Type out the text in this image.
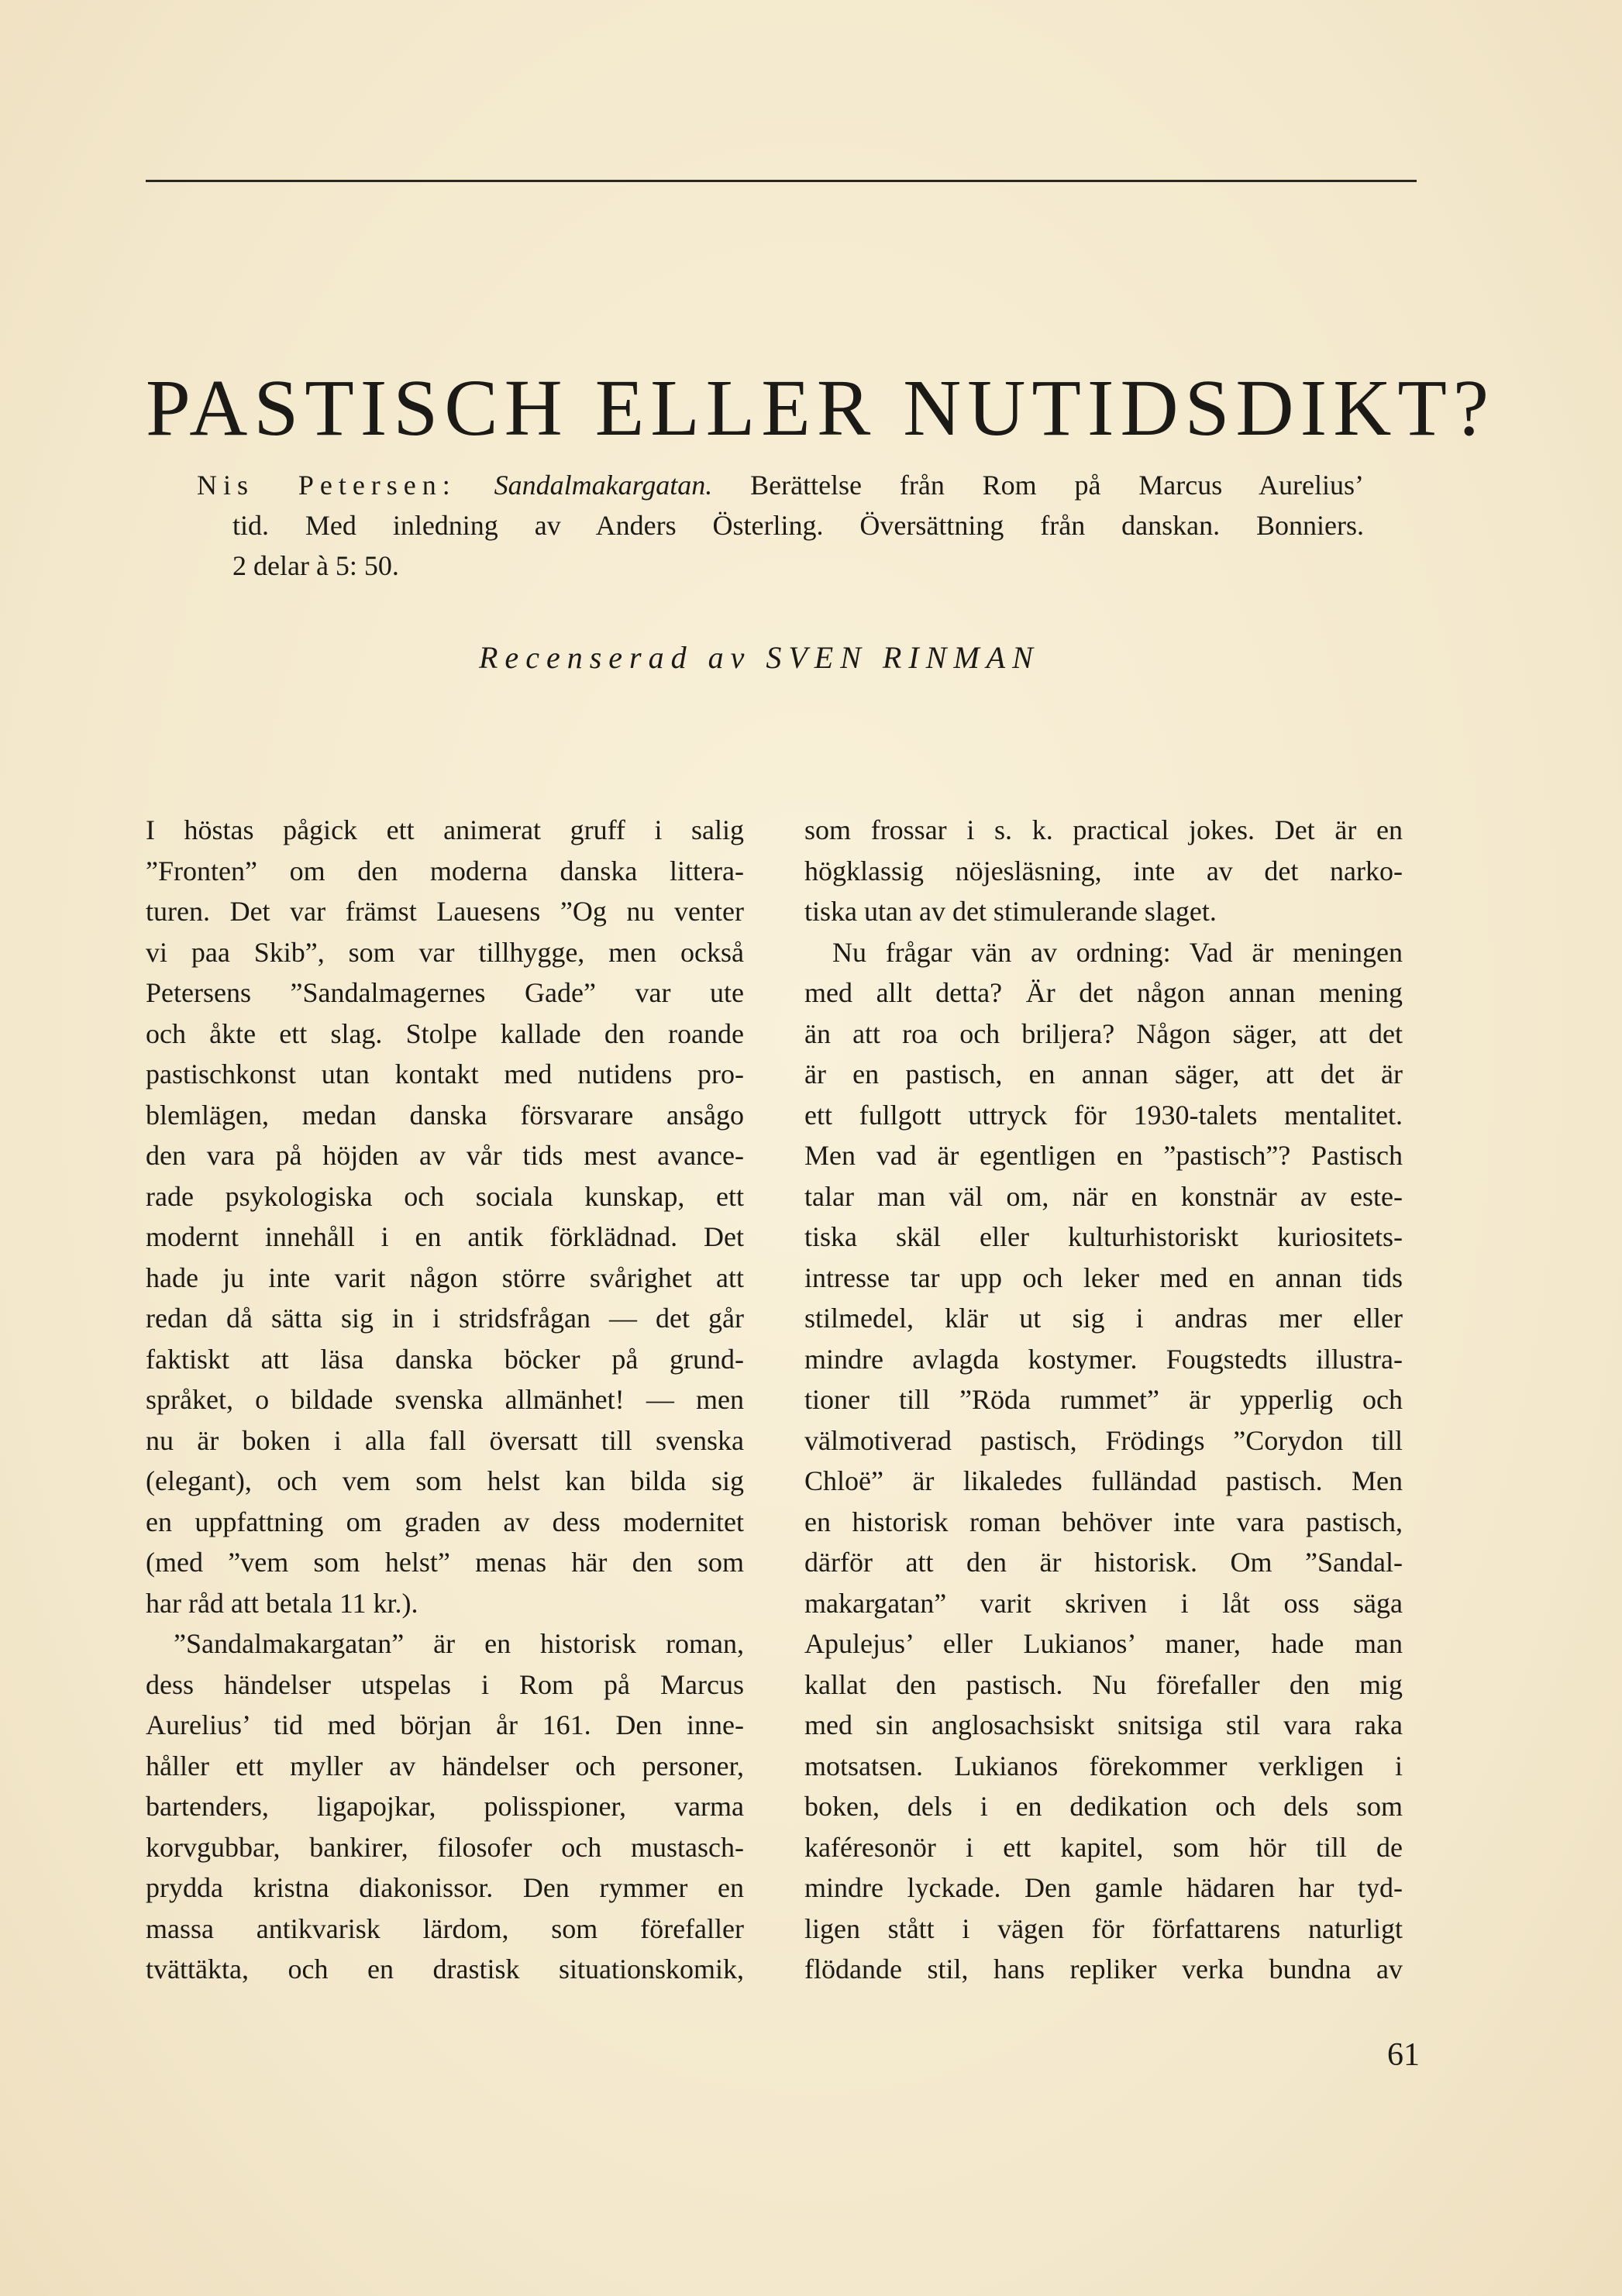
PASTISCH ELLER NUTIDSDIKT?
Nis Petersen: Sandalmakargatan. Berättelse från Rom på Marcus Aurelius’
tid. Med inledning av Anders Österling. Översättning från danskan. Bonniers.
2 delar à 5: 50.
Recenserad av SVEN RINMAN
I höstas pågick ett animerat gruff i salig
”Fronten” om den moderna danska littera-
turen. Det var främst Lauesens ”Og nu venter
vi paa Skib”, som var tillhygge, men också
Petersens ”Sandalmagernes Gade” var ute
och åkte ett slag. Stolpe kallade den roande
pastischkonst utan kontakt med nutidens pro-
blemlägen, medan danska försvarare ansågo
den vara på höjden av vår tids mest avance-
rade psykologiska och sociala kunskap, ett
modernt innehåll i en antik förklädnad. Det
hade ju inte varit någon större svårighet att
redan då sätta sig in i stridsfrågan — det går
faktiskt att läsa danska böcker på grund-
språket, o bildade svenska allmänhet! — men
nu är boken i alla fall översatt till svenska
(elegant), och vem som helst kan bilda sig
en uppfattning om graden av dess modernitet
(med ”vem som helst” menas här den som
har råd att betala 11 kr.).
”Sandalmakargatan” är en historisk roman,
dess händelser utspelas i Rom på Marcus
Aurelius’ tid med början år 161. Den inne-
håller ett myller av händelser och personer,
bartenders, ligapojkar, polisspioner, varma
korvgubbar, bankirer, filosofer och mustasch-
prydda kristna diakonissor. Den rymmer en
massa antikvarisk lärdom, som förefaller
tvättäkta, och en drastisk situationskomik,
som frossar i s. k. practical jokes. Det är en
högklassig nöjesläsning, inte av det narko-
tiska utan av det stimulerande slaget.
Nu frågar vän av ordning: Vad är meningen
med allt detta? Är det någon annan mening
än att roa och briljera? Någon säger, att det
är en pastisch, en annan säger, att det är
ett fullgott uttryck för 1930-talets mentalitet.
Men vad är egentligen en ”pastisch”? Pastisch
talar man väl om, när en konstnär av este-
tiska skäl eller kulturhistoriskt kuriositets-
intresse tar upp och leker med en annan tids
stilmedel, klär ut sig i andras mer eller
mindre avlagda kostymer. Fougstedts illustra-
tioner till ”Röda rummet” är ypperlig och
välmotiverad pastisch, Frödings ”Corydon till
Chloë” är likaledes fulländad pastisch. Men
en historisk roman behöver inte vara pastisch,
därför att den är historisk. Om ”Sandal-
makargatan” varit skriven i låt oss säga
Apulejus’ eller Lukianos’ maner, hade man
kallat den pastisch. Nu förefaller den mig
med sin anglosachsiskt snitsiga stil vara raka
motsatsen. Lukianos förekommer verkligen i
boken, dels i en dedikation och dels som
kaféresonör i ett kapitel, som hör till de
mindre lyckade. Den gamle hädaren har tyd-
ligen stått i vägen för författarens naturligt
flödande stil, hans repliker verka bundna av
61
